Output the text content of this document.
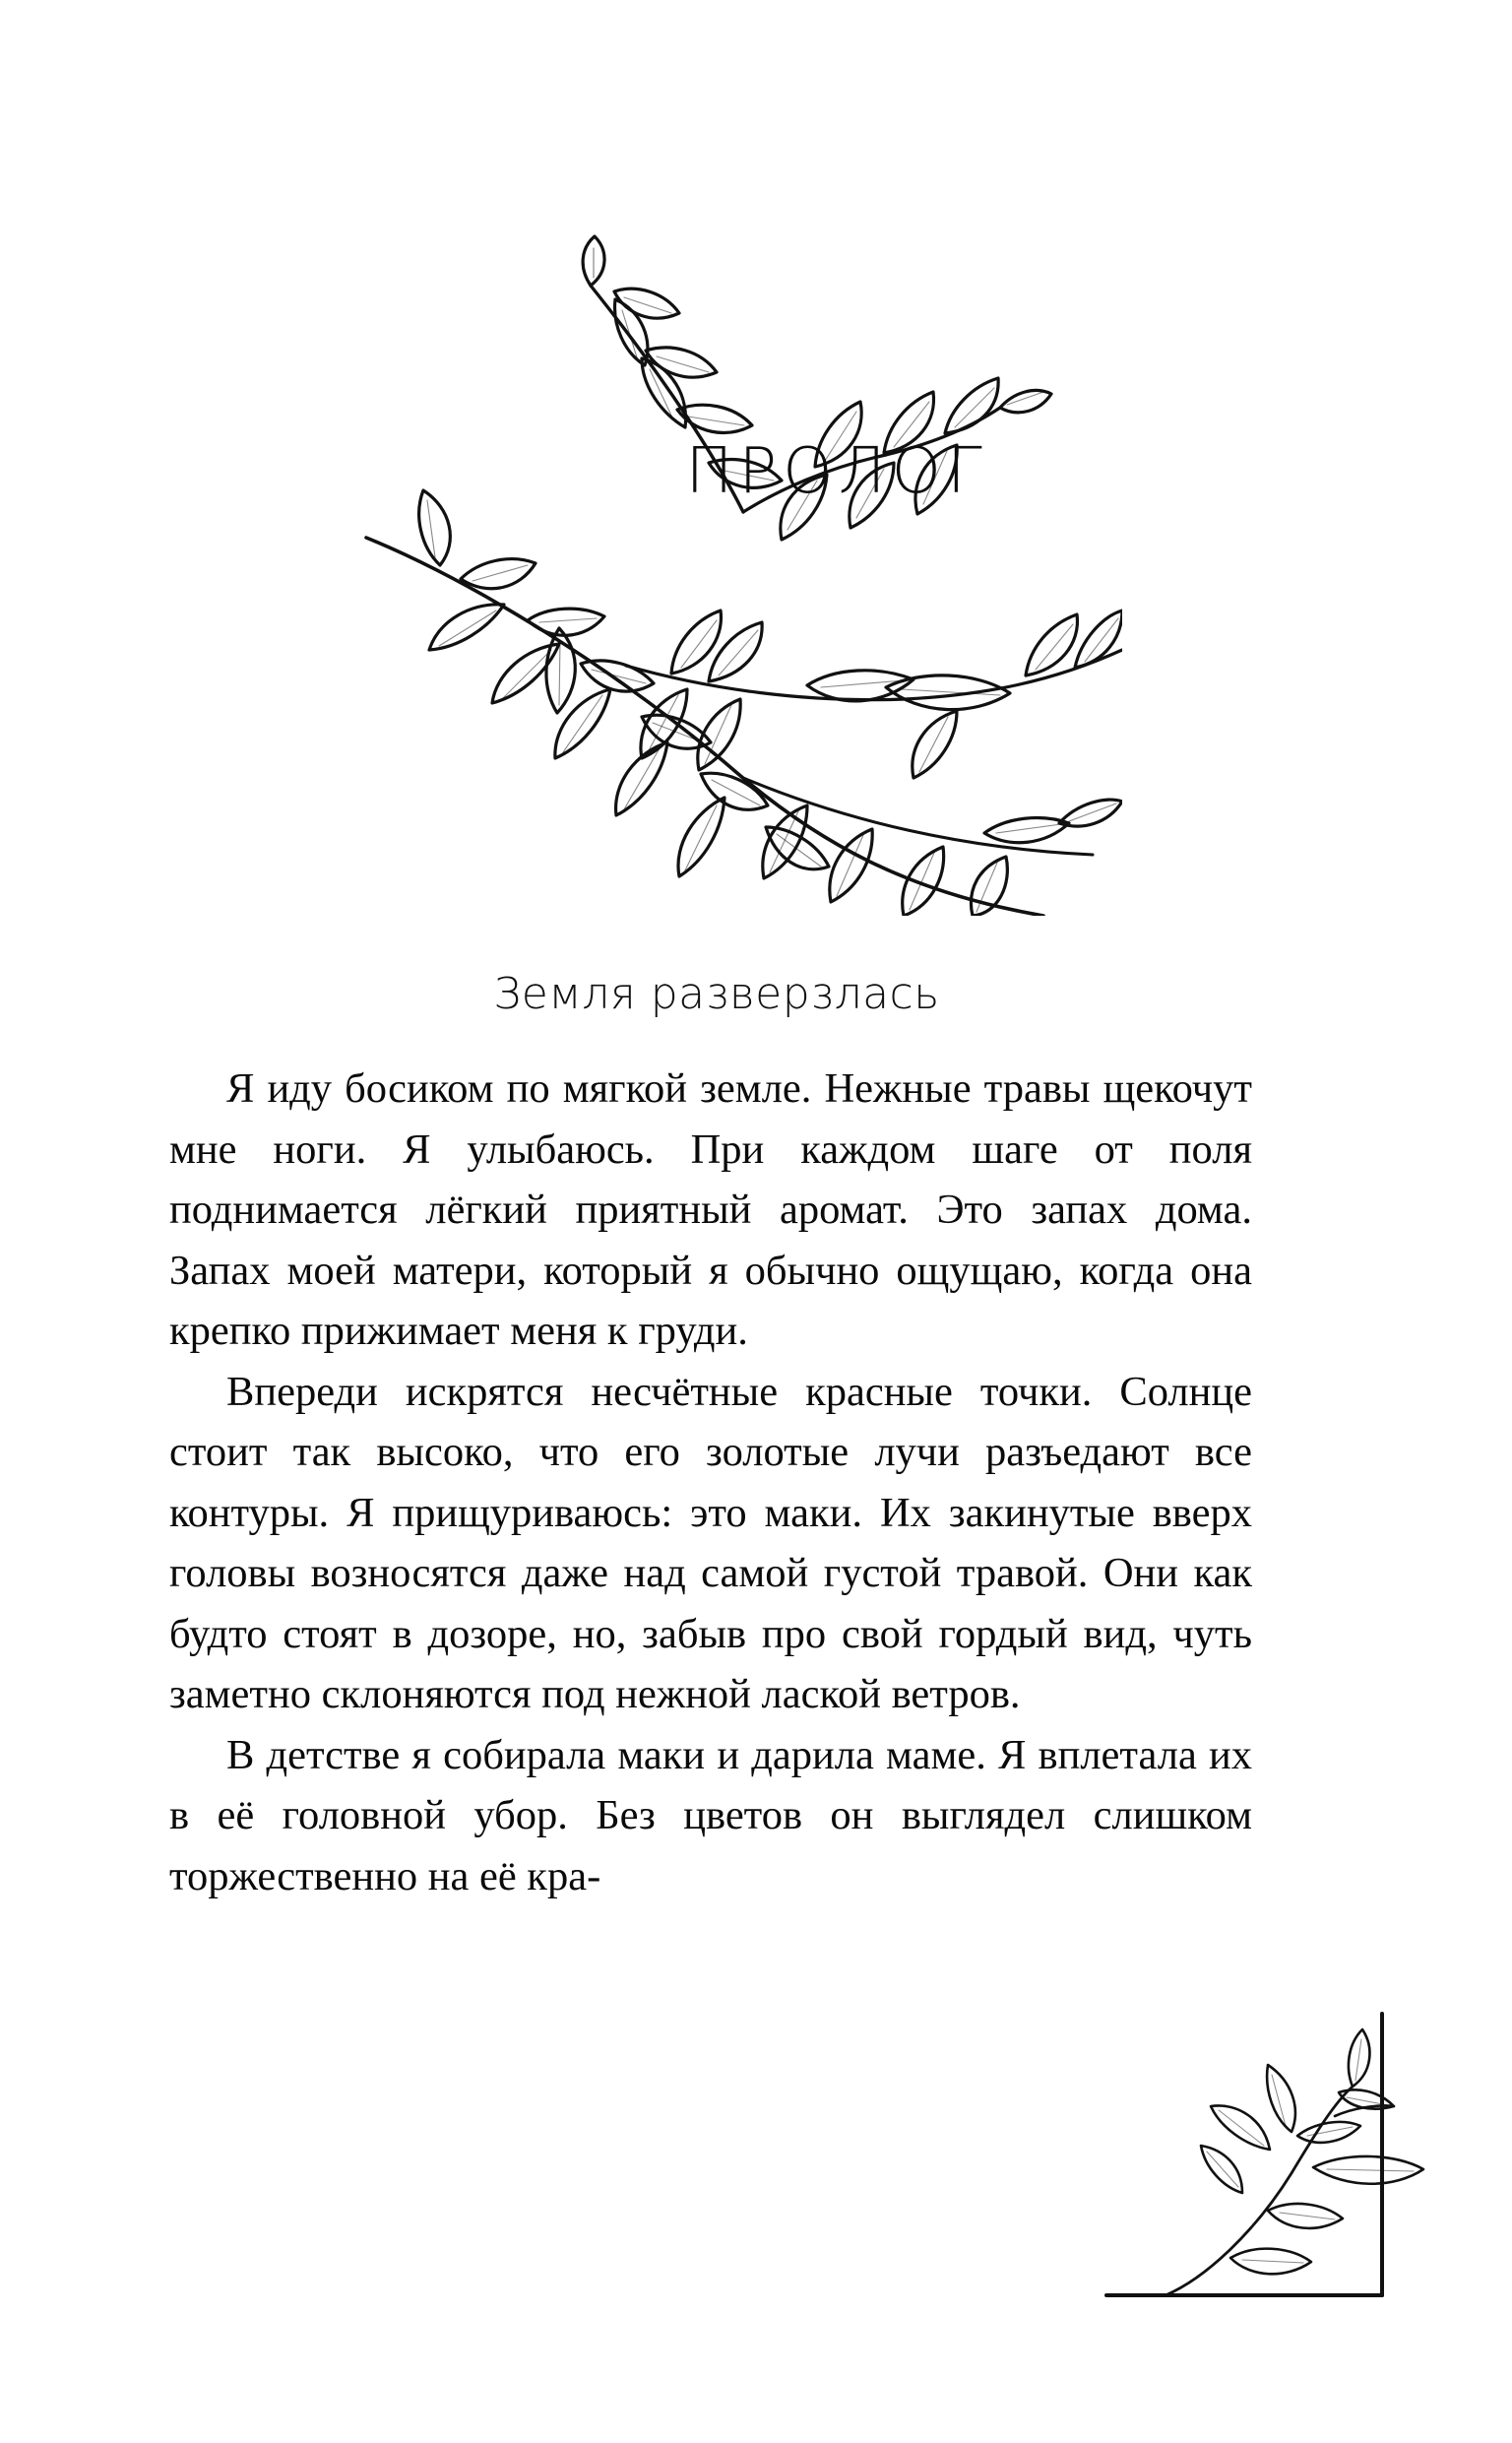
ПРОЛОГ
Земля разверзлась

Я иду босиком по мягкой земле. Нежные травы щекочут мне ноги. Я улыбаюсь. При каждом шаге от поля поднимается лёгкий приятный аромат. Это запах дома. Запах моей матери, который я обычно ощущаю, когда она крепко прижимает меня к груди.

Впереди искрятся несчётные красные точки. Солнце стоит так высоко, что его золотые лучи разъедают все контуры. Я прищуриваюсь: это маки. Их закинутые вверх головы возносятся даже над самой густой травой. Они как будто стоят в дозоре, но, забыв про свой гордый вид, чуть заметно склоняются под нежной лаской ветров.

В детстве я собирала маки и дарила маме. Я вплетала их в её головной убор. Без цветов он выглядел слишком торжественно на её кра-
